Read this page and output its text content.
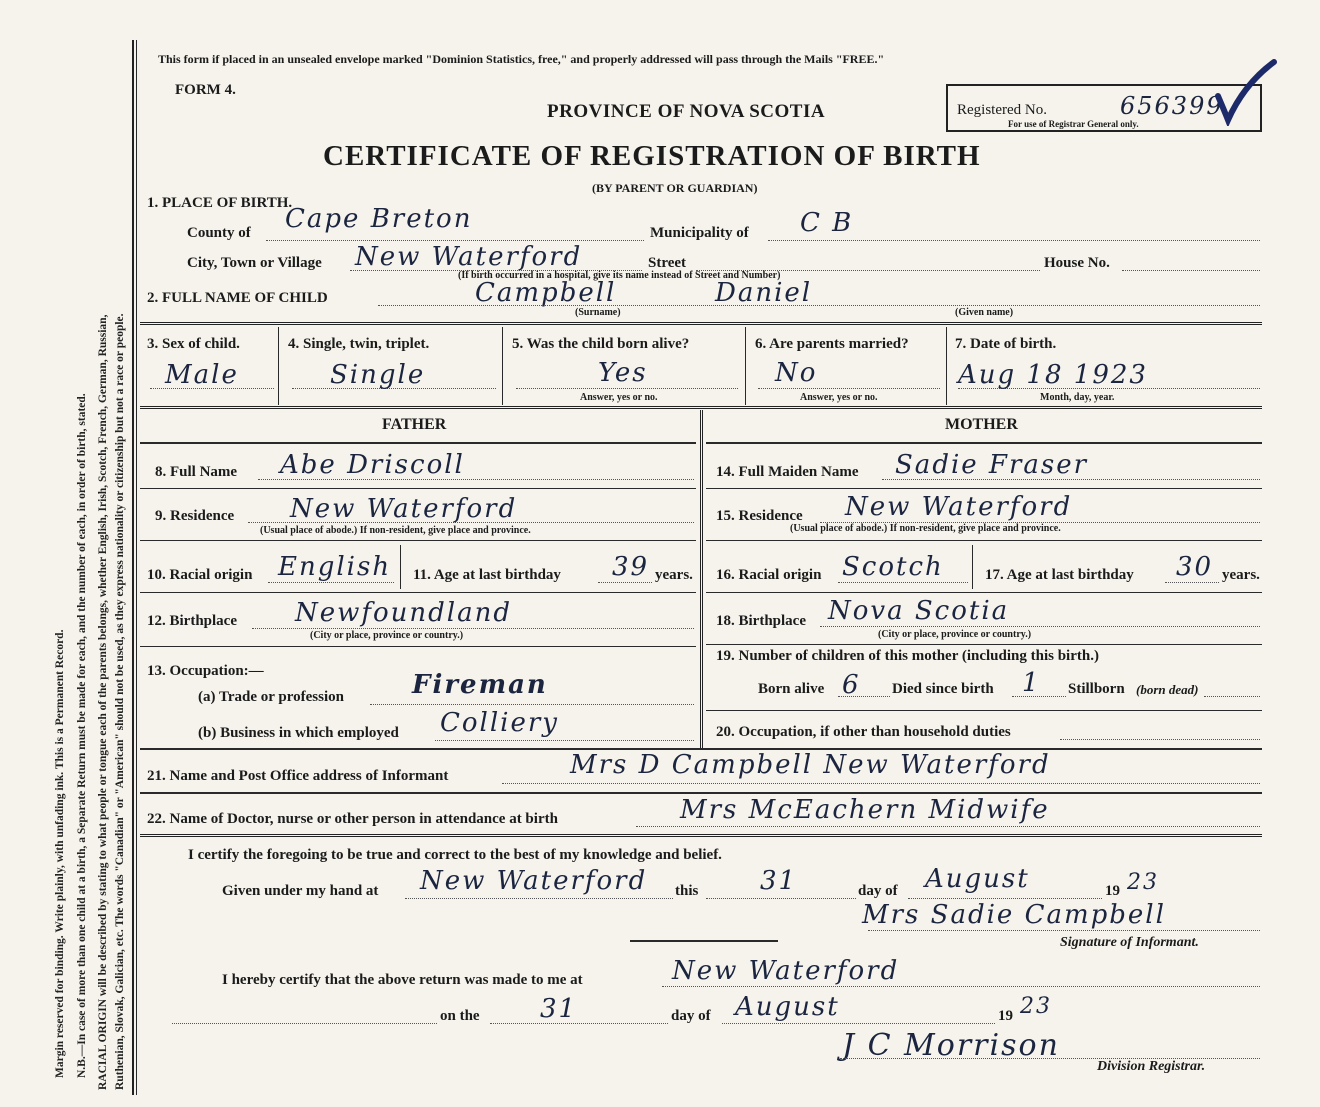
Margin reserved for binding. Write plainly, with unfading ink. This is a Permanent Record. N.B.—In case of more than one child at a birth, a Separate Return must be made for each, and the number of each, in order of birth, stated. RACIAL ORIGIN will be described by stating to what people or tongue each of the parents belongs, whether English, Irish, Scotch, French, German, Russian, Ruthenian, Slovak, Galician, etc. The words "Canadian" or "American" should not be used, as they express nationality or citizenship but not a race or people.
This form if placed in an unsealed envelope marked "Dominion Statistics, free," and properly addressed will pass through the Mails "FREE."
FORM 4.
PROVINCE OF NOVA SCOTIA	Registered No.	656399
For use of Registrar General only.
CERTIFICATE OF REGISTRATION OF BIRTH
(BY PARENT OR GUARDIAN)
1. PLACE OF BIRTH.
County of Cape Breton	Municipality of C B
City, Town or Village New Waterford	Street	House No.
(If birth occurred in a hospital, give its name instead of Street and Number)
2. FULL NAME OF CHILD	Campbell	Daniel
(Surname)	(Given name)
3. Sex of child.
Male
4. Single, twin, triplet.
Single
5. Was the child born alive?
Yes
Answer, yes or no.
6. Are parents married?
No
Answer, yes or no.
7. Date of birth.
Aug 18 1923
Month, day, year.
FATHER
8. Full Name Abe Driscoll
9. Residence New Waterford
(Usual place of abode.) If non-resident, give place and province.
10. Racial origin English 11. Age at last birthday 39 years.
12. Birthplace Newfoundland
(City or place, province or country.)
13. Occupation:—
(a) Trade or profession	Fireman
(b) Business in which employed Colliery
MOTHER
14. Full Maiden Name Sadie Fraser
15. Residence New Waterford
(Usual place of abode.) If non-resident, give place and province.
16. Racial origin Scotch	17. Age at last birthday 30 years.
18. Birthplace Nova Scotia
(City or place, province or country.)
19. Number of children of this mother (including this birth.)
Born alive 6 Died since birth 1 Stillborn (born dead)
20. Occupation, if other than household duties
21. Name and Post Office address of Informant	Mrs D Campbell New Waterford
22. Name of Doctor, nurse or other person in attendance at birth	Mrs McEachern Midwife
I certify the foregoing to be true and correct to the best of my knowledge and belief.
Given under my hand at New Waterford this 31	day of August	19 23
Mrs Sadie Campbell
Signature of Informant.
I hereby certify that the above return was made to me at	New Waterford
on the 31	day of August	19 23
J C Morrison
Division Registrar.
